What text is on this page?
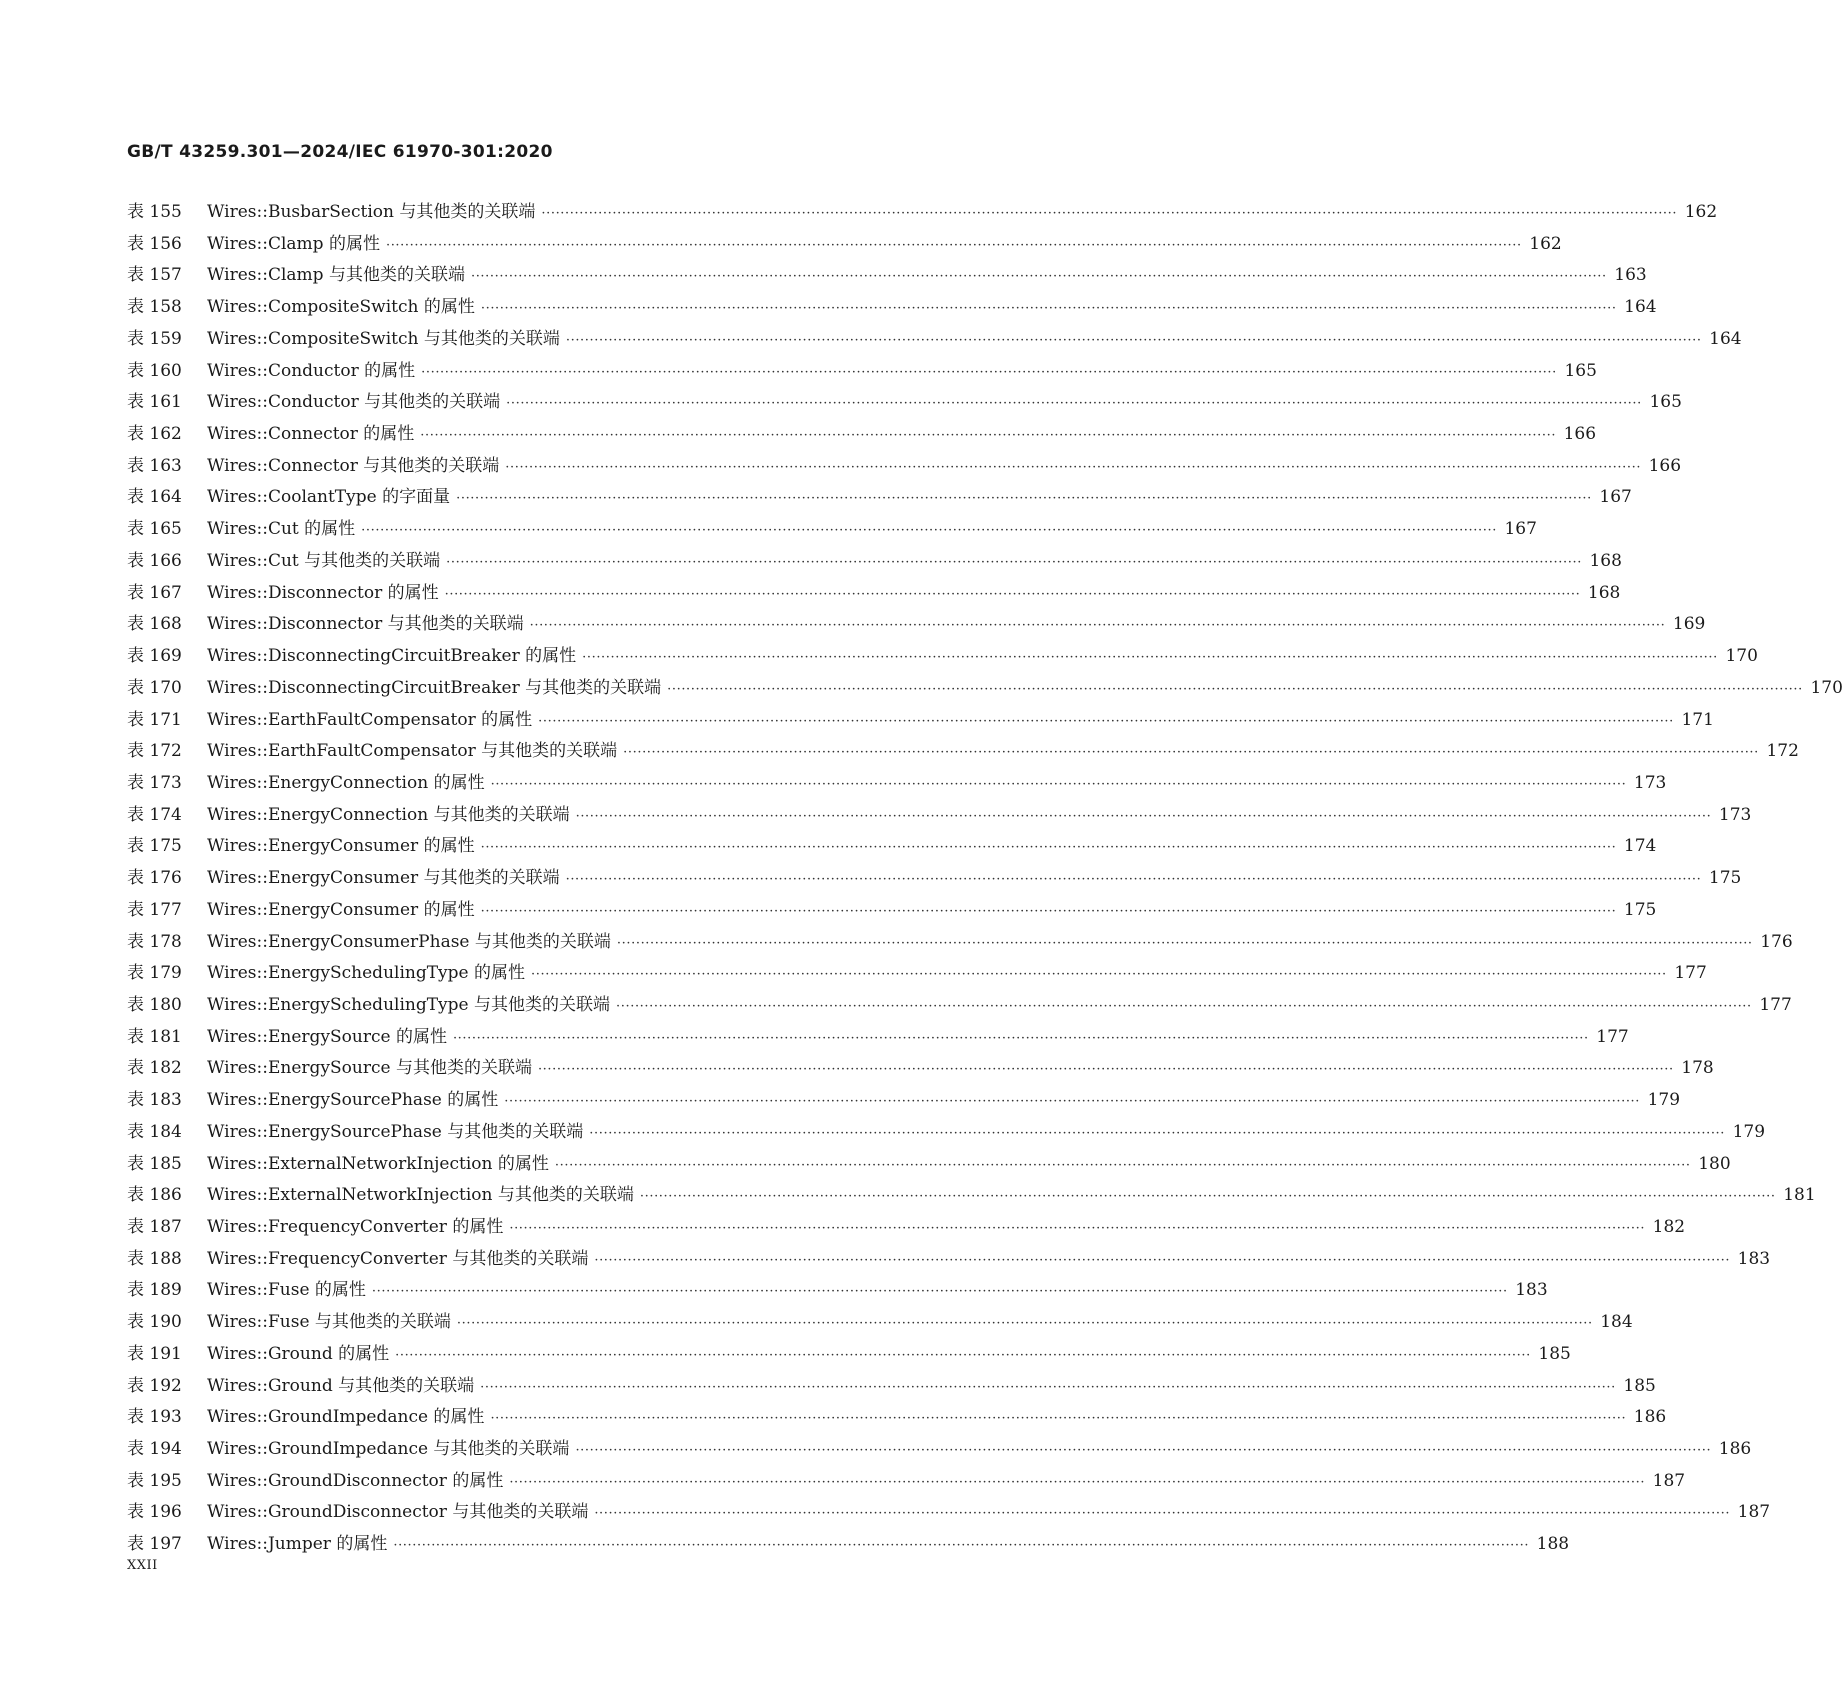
GB/T 43259.301—2024/IEC 61970-301:2020
表 155	Wires::BusbarSection 与其他类的关联端 ················································································································································································································································ 162
表 156	Wires::Clamp 的属性 ················································································································································································································································ 162
表 157	Wires::Clamp 与其他类的关联端 ················································································································································································································································ 163
表 158	Wires::CompositeSwitch 的属性 ················································································································································································································································ 164
表 159	Wires::CompositeSwitch 与其他类的关联端 ················································································································································································································································ 164
表 160	Wires::Conductor 的属性 ················································································································································································································································ 165
表 161	Wires::Conductor 与其他类的关联端 ················································································································································································································································ 165
表 162	Wires::Connector 的属性 ················································································································································································································································ 166
表 163	Wires::Connector 与其他类的关联端 ················································································································································································································································ 166
表 164	Wires::CoolantType 的字面量 ················································································································································································································································ 167
表 165	Wires::Cut 的属性 ················································································································································································································································ 167
表 166	Wires::Cut 与其他类的关联端 ················································································································································································································································ 168
表 167	Wires::Disconnector 的属性 ················································································································································································································································ 168
表 168	Wires::Disconnector 与其他类的关联端 ················································································································································································································································ 169
表 169	Wires::DisconnectingCircuitBreaker 的属性 ················································································································································································································································ 170
表 170	Wires::DisconnectingCircuitBreaker 与其他类的关联端 ················································································································································································································································ 170
表 171	Wires::EarthFaultCompensator 的属性 ················································································································································································································································ 171
表 172	Wires::EarthFaultCompensator 与其他类的关联端 ················································································································································································································································ 172
表 173	Wires::EnergyConnection 的属性 ················································································································································································································································ 173
表 174	Wires::EnergyConnection 与其他类的关联端 ················································································································································································································································ 173
表 175	Wires::EnergyConsumer 的属性 ················································································································································································································································ 174
表 176	Wires::EnergyConsumer 与其他类的关联端 ················································································································································································································································ 175
表 177	Wires::EnergyConsumer 的属性 ················································································································································································································································ 175
表 178	Wires::EnergyConsumerPhase 与其他类的关联端 ················································································································································································································································ 176
表 179	Wires::EnergySchedulingType 的属性 ················································································································································································································································ 177
表 180	Wires::EnergySchedulingType 与其他类的关联端 ················································································································································································································································ 177
表 181	Wires::EnergySource 的属性 ················································································································································································································································ 177
表 182	Wires::EnergySource 与其他类的关联端 ················································································································································································································································ 178
表 183	Wires::EnergySourcePhase 的属性 ················································································································································································································································ 179
表 184	Wires::EnergySourcePhase 与其他类的关联端 ················································································································································································································································ 179
表 185	Wires::ExternalNetworkInjection 的属性 ················································································································································································································································ 180
表 186	Wires::ExternalNetworkInjection 与其他类的关联端 ················································································································································································································································ 181
表 187	Wires::FrequencyConverter 的属性 ················································································································································································································································ 182
表 188	Wires::FrequencyConverter 与其他类的关联端 ················································································································································································································································ 183
表 189	Wires::Fuse 的属性 ················································································································································································································································ 183
表 190	Wires::Fuse 与其他类的关联端 ················································································································································································································································ 184
表 191	Wires::Ground 的属性 ················································································································································································································································ 185
表 192	Wires::Ground 与其他类的关联端 ················································································································································································································································ 185
表 193	Wires::GroundImpedance 的属性 ················································································································································································································································ 186
表 194	Wires::GroundImpedance 与其他类的关联端 ················································································································································································································································ 186
表 195	Wires::GroundDisconnector 的属性 ················································································································································································································································ 187
表 196	Wires::GroundDisconnector 与其他类的关联端 ················································································································································································································································ 187
表 197	Wires::Jumper 的属性 ················································································································································································································································ 188
XXII
